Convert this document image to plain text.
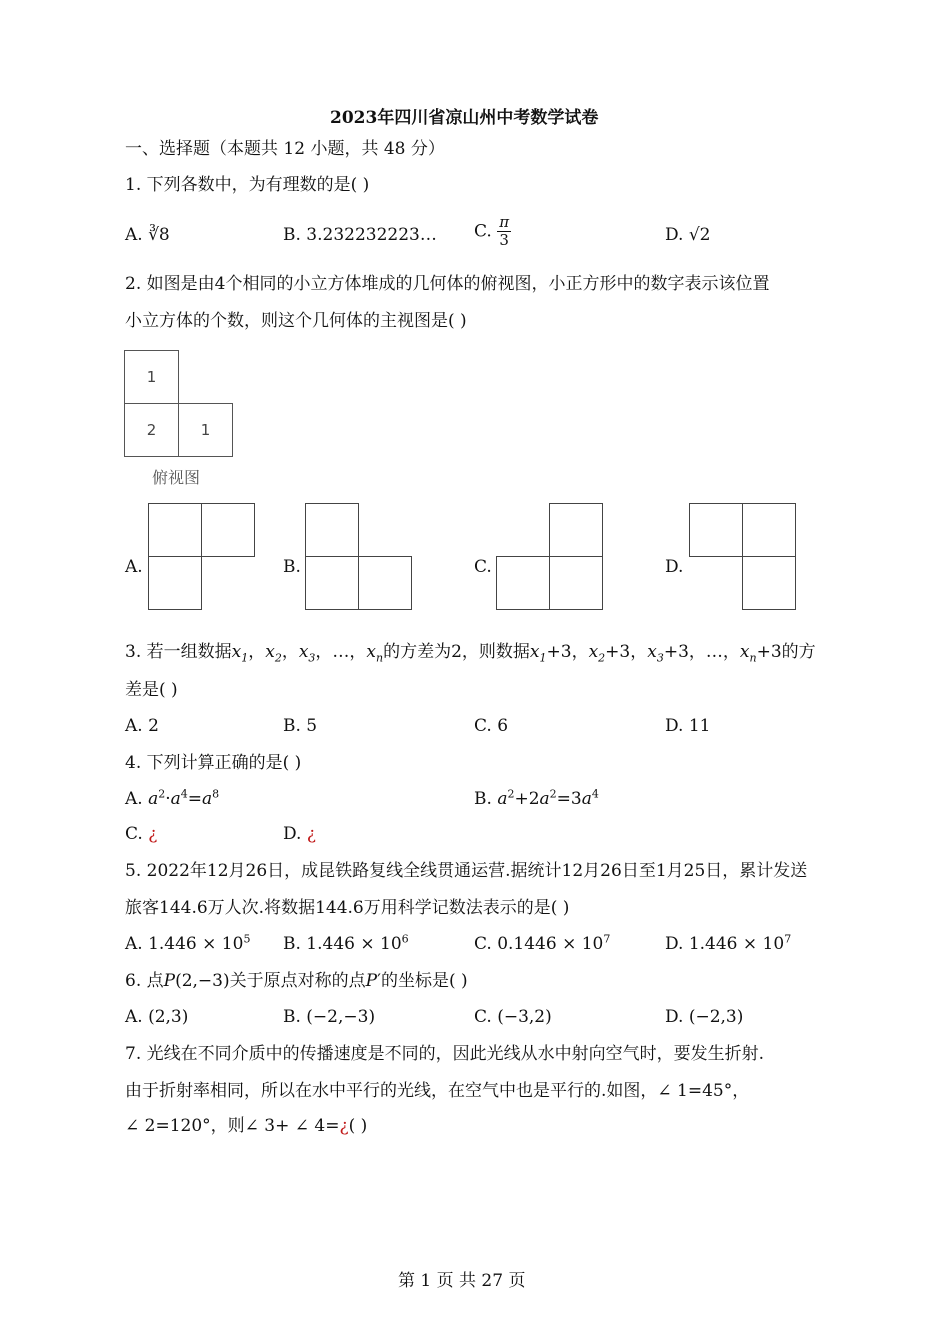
2023年四川省凉山州中考数学试卷
一、选择题（本题共 12 小题，共 48 分）
1. 下列各数中，为有理数的是( )
A. ∛8	B. 3.232232223… C. $\frac{\pi}{3}$	D. √2
2. 如图是由4个相同的小立方体堆成的几何体的俯视图，小正方形中的数字表示该位置
小立方体的个数，则这个几何体的主视图是( )
1
2	1
俯视图
A.	B.	C.	D.
3. 若一组数据$x_1$，$x_2$，$x_3$，…，$x_n$的方差为2，则数据$x_1+3$，$x_2+3$，$x_3+3$，…，$x_n+3$的方
差是( )
A. 2	B. 5	C. 6	D. 11
4. 下列计算正确的是( )
A. $a^2\cdot a^4=a^8$	B. $a^2+2a^2=3a^4$
C. ¿	D. ¿
5. 2022年12月26日，成昆铁路复线全线贯通运营.据统计12月26日至1月25日，累计发送
旅客144.6万人次.将数据144.6万用科学记数法表示的是( )
A. $1.446 \times 10^5$ B. $1.446 \times 10^6$	C. $0.1446 \times 10^7$	D. $1.446 \times 10^7$
6. 点P(2,−3)关于原点对称的点P′的坐标是( )
A. (2,3)	B. (−2,−3)	C. (−3,2)	D. (−2,3)
7. 光线在不同介质中的传播速度是不同的，因此光线从水中射向空气时，要发生折射.
由于折射率相同，所以在水中平行的光线，在空气中也是平行的.如图，∠ 1=45°，
∠ 2=120°，则∠ 3+ ∠ 4=¿( )
第 1 页 共 27 页
